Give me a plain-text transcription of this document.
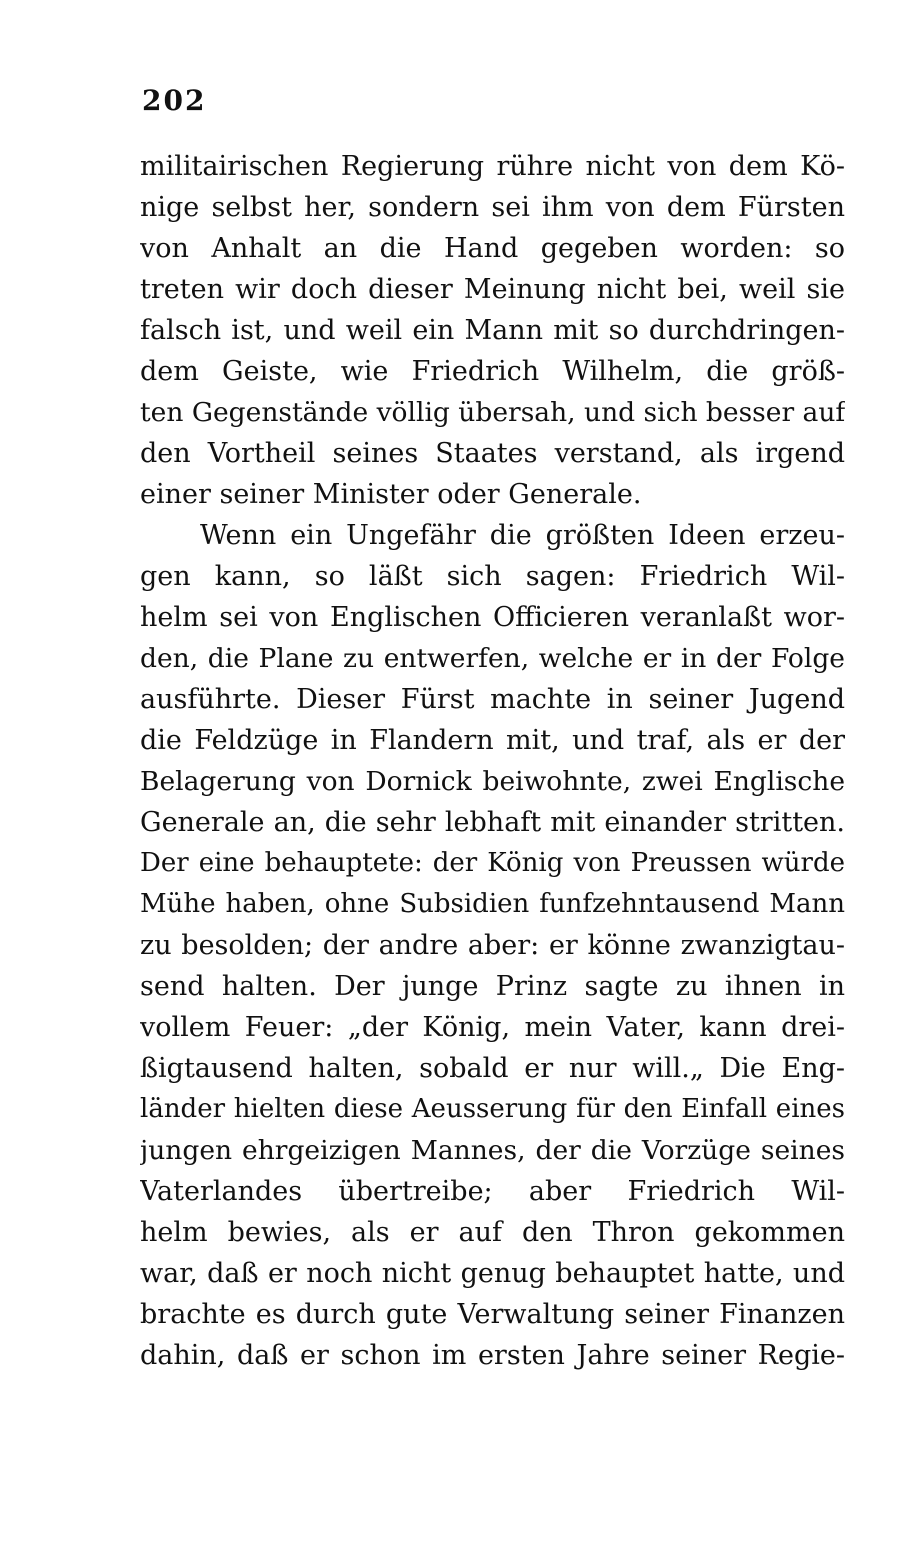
202
militairischen Regierung rühre nicht von dem Kö-
nige selbst her, sondern sei ihm von dem Fürsten
von Anhalt an die Hand gegeben worden: so
treten wir doch dieser Meinung nicht bei, weil sie
falsch ist, und weil ein Mann mit so durchdringen-
dem Geiste, wie Friedrich Wilhelm, die größ-
ten Gegenstände völlig übersah, und sich besser auf
den Vortheil seines Staates verstand, als irgend
einer seiner Minister oder Generale.
Wenn ein Ungefähr die größten Ideen erzeu-
gen kann, so läßt sich sagen: Friedrich Wil-
helm sei von Englischen Officieren veranlaßt wor-
den, die Plane zu entwerfen, welche er in der Folge
ausführte. Dieser Fürst machte in seiner Jugend
die Feldzüge in Flandern mit, und traf, als er der
Belagerung von Dornick beiwohnte, zwei Englische
Generale an, die sehr lebhaft mit einander stritten.
Der eine behauptete: der König von Preussen würde
Mühe haben, ohne Subsidien funfzehntausend Mann
zu besolden; der andre aber: er könne zwanzigtau-
send halten. Der junge Prinz sagte zu ihnen in
vollem Feuer: „der König, mein Vater, kann drei-
ßigtausend halten, sobald er nur will.„ Die Eng-
länder hielten diese Aeusserung für den Einfall eines
jungen ehrgeizigen Mannes, der die Vorzüge seines
Vaterlandes übertreibe; aber Friedrich Wil-
helm bewies, als er auf den Thron gekommen
war, daß er noch nicht genug behauptet hatte, und
brachte es durch gute Verwaltung seiner Finanzen
dahin, daß er schon im ersten Jahre seiner Regie-
